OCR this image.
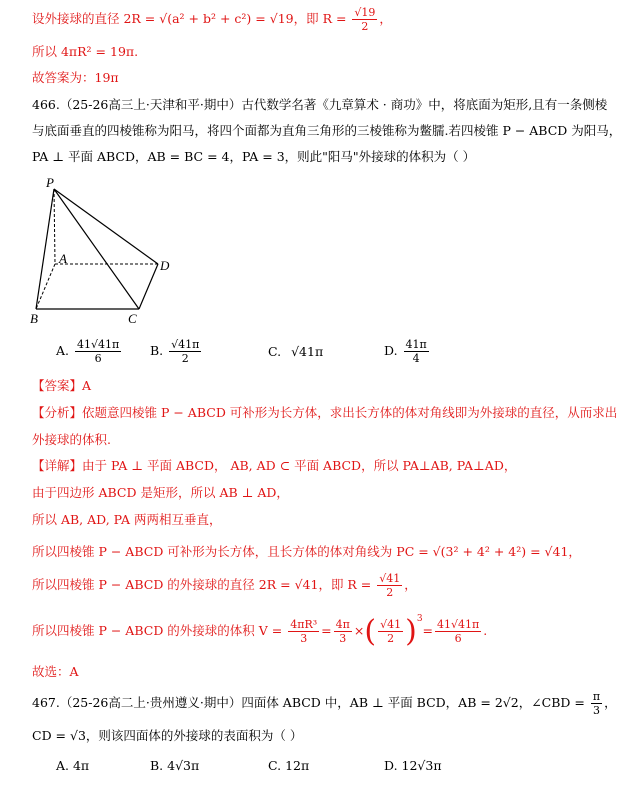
设外接球的直径 2R = √(a² + b² + c²) = √19，即 $R = \frac{√19}{2}$ ，
所以 4πR² = 19π.
故答案为：19π
466.（25-26高三上·天津和平·期中）古代数学名著《九章算术 · 商功》中，将底面为矩形,且有一条侧棱
与底面垂直的四棱锥称为阳马，将四个面都为直角三角形的三棱锥称为鳖臑.若四棱锥 P − ABCD 为阳马，
PA ⊥ 平面 ABCD，AB = BC = 4，PA = 3，则此"阳马"外接球的体积为（ ）
P
A
B	C
D
A. $\frac{41√41\pi}{6} B$. $\frac{√41\pi}{2}$	C. √41π	D. $\frac{41\pi}{4}$
【答案】A
【分析】依题意四棱锥 P − ABCD 可补形为长方体，求出长方体的体对角线即为外接球的直径，从而求出
外接球的体积.
【详解】由于 PA ⊥ 平面 ABCD， AB, AD ⊂ 平面 ABCD，所以 PA⊥AB, PA⊥AD，
由于四边形 ABCD 是矩形，所以 AB ⊥ AD，
所以 AB, AD, PA 两两相互垂直，
所以四棱锥 P − ABCD 可补形为长方体，且长方体的体对角线为 PC = √(3² + 4² + 4²) = √41，
所以四棱锥 P − ABCD 的外接球的直径 2R = √41，即 $R = \frac{√41}{2}$ ，
所以四棱锥 P − ABCD 的外接球的体积 $V = \frac{\text{4πR³}}{3} = \frac{4\pi}{3}$ ×( $\frac{√41}{2} )^3= \frac{41√41\pi}{6}$ .
故选：A
467.（25-26高二上·贵州遵义·期中）四面体 ABCD 中，AB ⊥ 平面 BCD，AB = 2√2，∠CBD = $\frac{\pi}{3}$ ，
CD = √3，则该四面体的外接球的表面积为（ ）
A. 4π	B. 4√3π	C. 12π	D. 12√3π
